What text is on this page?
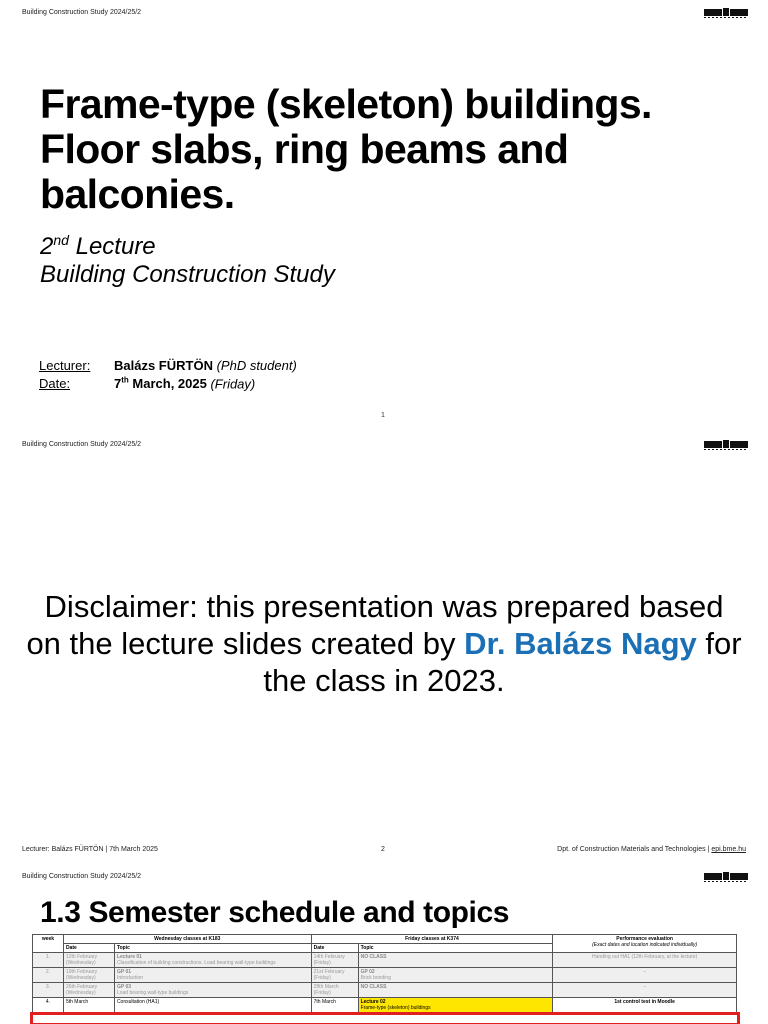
Building Construction Study 2024/25/2
Frame-type (skeleton) buildings. Floor slabs, ring beams and balconies.
2nd Lecture
Building Construction Study
Lecturer: Balázs FÜRTÖN (PhD student)
Date:	7th March, 2025 (Friday)
1
Building Construction Study 2024/25/2

Disclaimer: this presentation was prepared based on the lecture slides created by Dr. Balázs Nagy for the class in 2023.

Lecturer: Balázs FÜRTÖN | 7th March 2025	2	Dpt. of Construction Materials and Technologies | epi.bme.hu
Building Construction Study 2024/25/2
1.3 Semester schedule and topics
week	Wednesday classes at K183		Friday classes at K374		Performance evaluation
(Exact dates and location indicated individually)
	Date	Topic	Date	Topic	
1.	12th February (Wednesday)	Lecture 01
Classification of building constructions. Load bearing wall-type buildings	14th February (Friday)	NO CLASS	Handing out HA1 (12th February, at the lecture)
2.	19th February (Wednesday)	GP 01
Introduction	21st February (Friday)	GP 02
Brick bonding	–
3.	26th February (Wednesday)	GP 03
Load bearing wall-type buildings	28th March (Friday)	NO CLASS	–
4.	5th March	Consultation (HA1)	7th March	Lecture 02
Frame-type (skeleton) buildings	1st control test in Moodle
